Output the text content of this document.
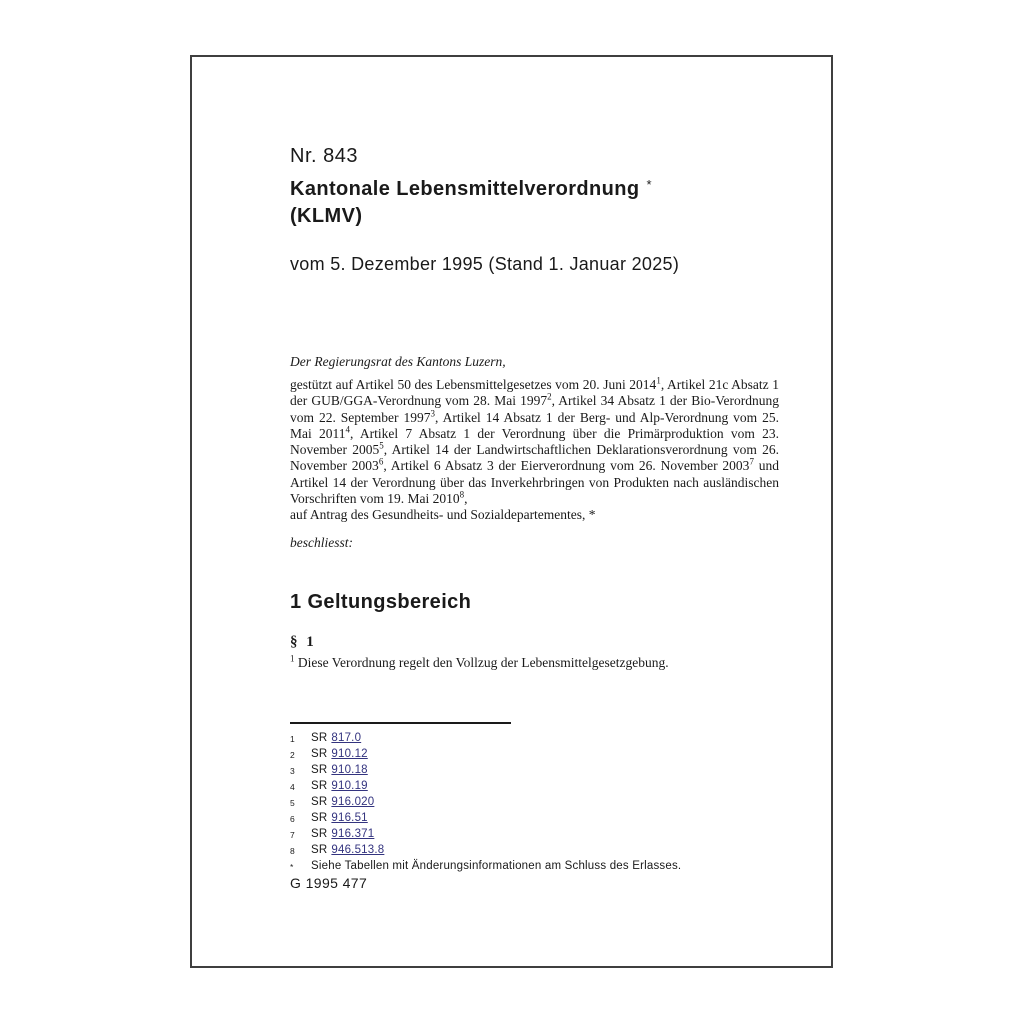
Nr. 843
Kantonale Lebensmittelverordnung *
(KLMV)
vom 5. Dezember 1995 (Stand 1. Januar 2025)
Der Regierungsrat des Kantons Luzern,
gestützt auf Artikel 50 des Lebensmittelgesetzes vom 20. Juni 2014$^1$, Artikel 21c Absatz 1 der GUB/GGA-Verordnung vom 28. Mai 1997$^2$, Artikel 34 Absatz 1 der Bio-Verordnung vom 22. September 1997$^3$, Artikel 14 Absatz 1 der Berg- und Alp-Verordnung vom 25. Mai 2011$^4$, Artikel 7 Absatz 1 der Verordnung über die Primärproduktion vom 23. November 2005$^5$, Artikel 14 der Landwirtschaftlichen Deklarationsverordnung vom 26. November 2003$^6$, Artikel 6 Absatz 3 der Eierverordnung vom 26. November 2003$^7$ und Artikel 14 der Verordnung über das Inverkehrbringen von Produkten nach ausländischen Vorschriften vom 19. Mai 2010$^8$,
auf Antrag des Gesundheits- und Sozialdepartementes, *
beschliesst:
1 Geltungsbereich
§ 1
$^1$ Diese Verordnung regelt den Vollzug der Lebensmittelgesetzgebung.
1	SR 817.0
2	SR 910.12
3	SR 910.18
4	SR 910.19
5	SR 916.020
6	SR 916.51
7	SR 916.371
8	SR 946.513.8
*	Siehe Tabellen mit Änderungsinformationen am Schluss des Erlasses.
G 1995 477
